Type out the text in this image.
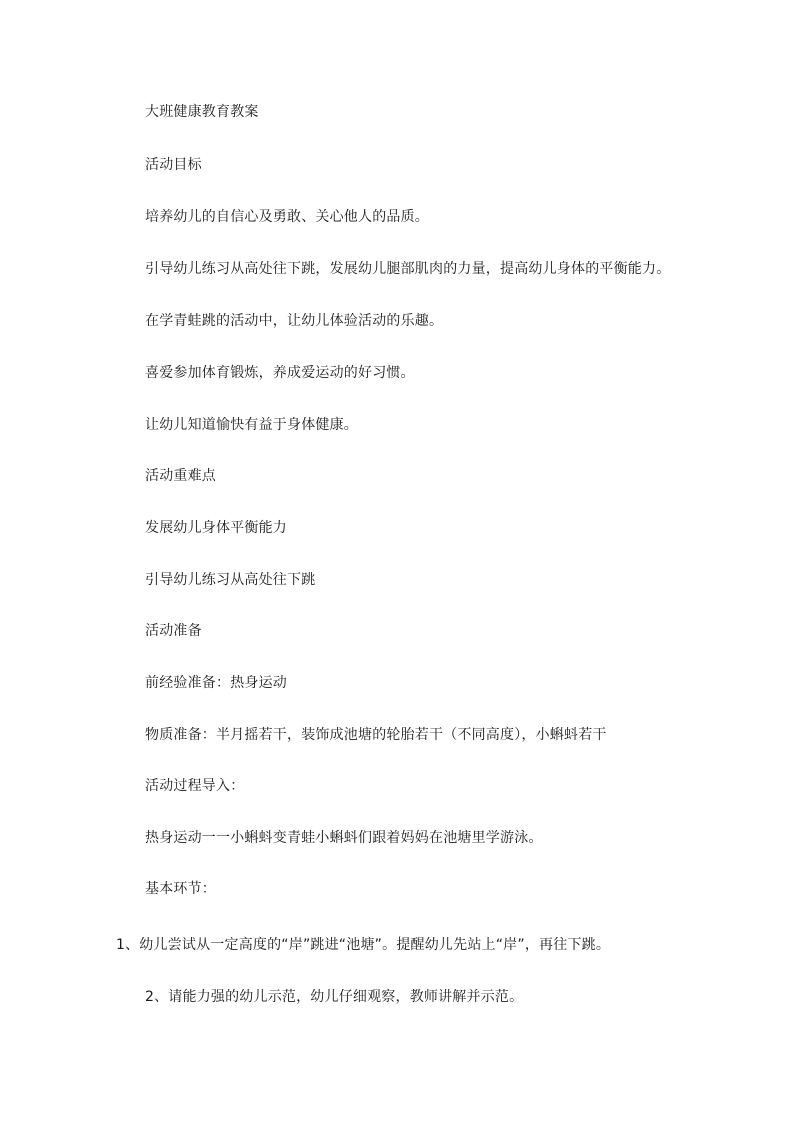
大班健康教育教案
活动目标
培养幼儿的自信心及勇敢、关心他人的品质。
引导幼儿练习从高处往下跳，发展幼儿腿部肌肉的力量，提高幼儿身体的平衡能力。
在学青蛙跳的活动中，让幼儿体验活动的乐趣。
喜爱参加体育锻炼，养成爱运动的好习惯。
让幼儿知道愉快有益于身体健康。
活动重难点
发展幼儿身体平衡能力
引导幼儿练习从高处往下跳
活动准备
前经验准备：热身运动
物质准备：半月摇若干，装饰成池塘的轮胎若干（不同高度），小蝌蚪若干
活动过程导入：
热身运动一一小蝌蚪变青蛙小蝌蚪们跟着妈妈在池塘里学游泳。
基本环节：
1、幼儿尝试从一定高度的“岸”跳进“池塘”。提醒幼儿先站上“岸”，再往下跳。
2、请能力强的幼儿示范，幼儿仔细观察，教师讲解并示范。
